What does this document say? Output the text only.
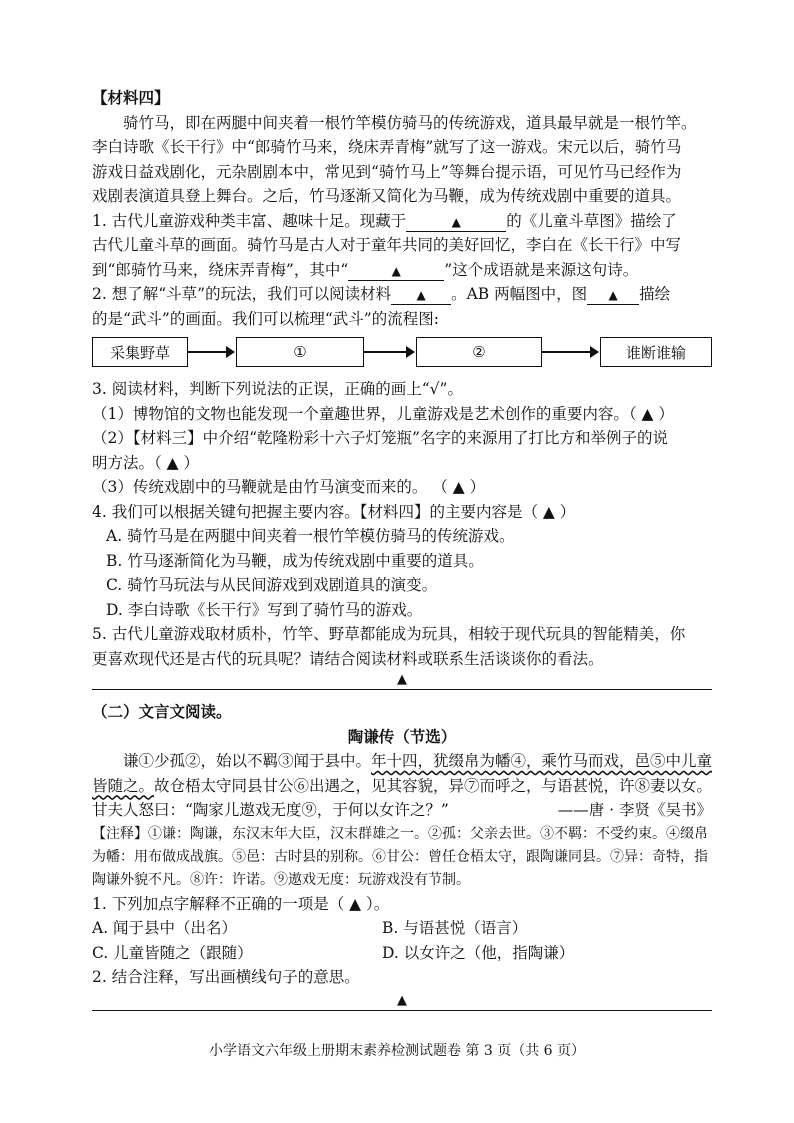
【材料四】
骑竹马，即在两腿中间夹着一根竹竿模仿骑马的传统游戏，道具最早就是一根竹竿。
李白诗歌《长干行》中“郎骑竹马来，绕床弄青梅”就写了这一游戏。宋元以后，骑竹马
游戏日益戏剧化，元杂剧剧本中，常见到“骑竹马上”等舞台提示语，可见竹马已经作为
戏剧表演道具登上舞台。之后，竹马逐渐又简化为马鞭，成为传统戏剧中重要的道具。
1. 古代儿童游戏种类丰富、趣味十足。现藏于	▲	的《儿童斗草图》描绘了
古代儿童斗草的画面。骑竹马是古人对于童年共同的美好回忆，李白在《长干行》中写
到“郎骑竹马来，绕床弄青梅”，其中“	▲	”这个成语就是来源这句诗。
2. 想了解“斗草”的玩法，我们可以阅读材料 ▲ 。AB 两幅图中，图 ▲ 描绘
的是“武斗”的画面。我们可以梳理“武斗”的流程图:
采集野草	①	②	谁断谁输
3. 阅读材料，判断下列说法的正误，正确的画上“√”。
（1）博物馆的文物也能发现一个童趣世界，儿童游戏是艺术创作的重要内容。（ ▲ ）
（2）【材料三】中介绍“乾隆粉彩十六子灯笼瓶”名字的来源用了打比方和举例子的说
明方法。（ ▲ ）
（3）传统戏剧中的马鞭就是由竹马演变而来的。 （ ▲ ）
4. 我们可以根据关键句把握主要内容。【材料四】的主要内容是（ ▲ ）
A. 骑竹马是在两腿中间夹着一根竹竿模仿骑马的传统游戏。
B. 竹马逐渐简化为马鞭，成为传统戏剧中重要的道具。
C. 骑竹马玩法与从民间游戏到戏剧道具的演变。
D. 李白诗歌《长干行》写到了骑竹马的游戏。
5. 古代儿童游戏取材质朴，竹竿、野草都能成为玩具，相较于现代玩具的智能精美，你
更喜欢现代还是古代的玩具呢？请结合阅读材料或联系生活谈谈你的看法。
▲
（二）文言文阅读。
陶谦传（节选）
谦①少孤②，始以不羁③闻于县中。年十四，犹缀帛为幡④，乘竹马而戏，邑⑤中儿童
皆随之。故仓梧太守同县甘公⑥出遇之，见其容貌，异⑦而呼之，与语甚悦，许⑧妻以女。
甘夫人怒曰：“陶家儿遨戏无度⑨，于何以女许之？”	——唐 · 李贤《吴书》
【注释】①谦：陶谦，东汉末年大臣，汉末群雄之一。②孤：父亲去世。③不羁：不受约束。④缀帛
为幡：用布做成战旗。⑤邑：古时县的别称。⑥甘公：曾任仓梧太守，跟陶谦同县。⑦异：奇特，指
陶谦外貌不凡。⑧许：许诺。⑨遨戏无度：玩游戏没有节制。
1. 下列加点字解释不正确的一项是（ ▲ ）。
A. 闻于县中（出名）	B. 与语甚悦（语言）
C. 儿童皆随之（跟随）	D. 以女许之（他，指陶谦）
2. 结合注释，写出画横线句子的意思。
▲
小学语文六年级上册期末素养检测试题卷 第 3 页（共 6 页）
